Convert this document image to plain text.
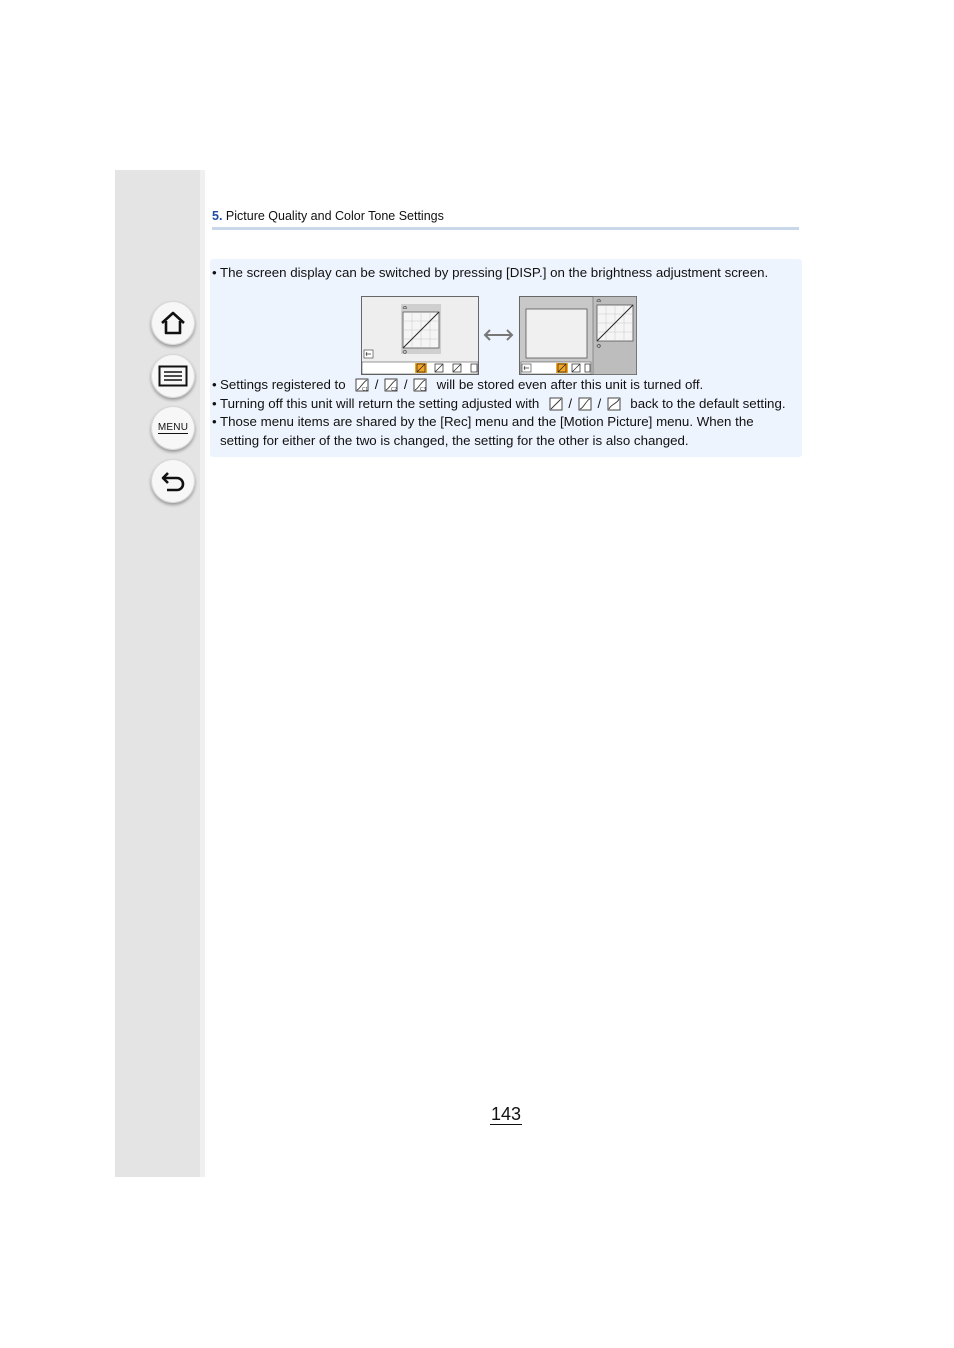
MENU
5. Picture Quality and Color Tone Settings
• The screen display can be switched by pressing [DISP.] on the brightness adjustment screen.
≏
≎
≏
≎
• Settings registered to	C1 /	C2 /	C3 will be stored even after this unit is turned off.
• Turning off this unit will return the setting adjusted with / / back to the default setting.
• Those menu items are shared by the [Rec] menu and the [Motion Picture] menu. When the
setting for either of the two is changed, the setting for the other is also changed.
143
